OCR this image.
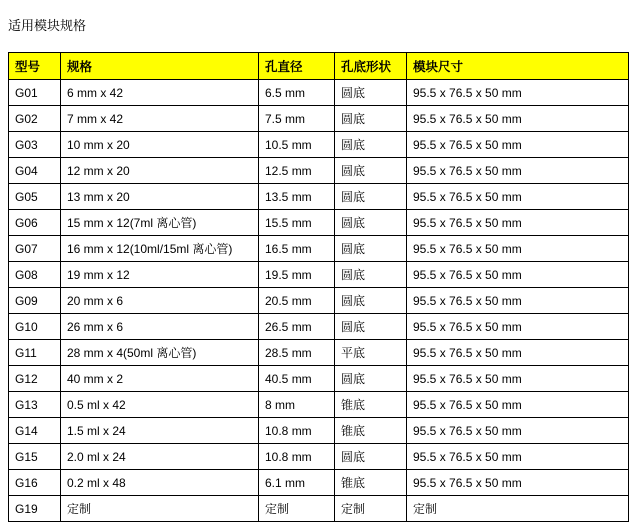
适用模块规格
型号	规格	孔直径	孔底形状	模块尺寸
G01	6 mm x 42	6.5 mm	圆底	95.5 x 76.5 x 50 mm
G02	7 mm x 42	7.5 mm	圆底	95.5 x 76.5 x 50 mm
G03	10 mm x 20	10.5 mm	圆底	95.5 x 76.5 x 50 mm
G04	12 mm x 20	12.5 mm	圆底	95.5 x 76.5 x 50 mm
G05	13 mm x 20	13.5 mm	圆底	95.5 x 76.5 x 50 mm
G06	15 mm x 12(7ml 离心管)	15.5 mm	圆底	95.5 x 76.5 x 50 mm
G07	16 mm x 12(10ml/15ml 离心管)	16.5 mm	圆底	95.5 x 76.5 x 50 mm
G08	19 mm x 12	19.5 mm	圆底	95.5 x 76.5 x 50 mm
G09	20 mm x 6	20.5 mm	圆底	95.5 x 76.5 x 50 mm
G10	26 mm x 6	26.5 mm	圆底	95.5 x 76.5 x 50 mm
G11	28 mm x 4(50ml 离心管)	28.5 mm	平底	95.5 x 76.5 x 50 mm
G12	40 mm x 2	40.5 mm	圆底	95.5 x 76.5 x 50 mm
G13	0.5 ml x 42	8 mm	锥底	95.5 x 76.5 x 50 mm
G14	1.5 ml x 24	10.8 mm	锥底	95.5 x 76.5 x 50 mm
G15	2.0 ml x 24	10.8 mm	圆底	95.5 x 76.5 x 50 mm
G16	0.2 ml x 48	6.1 mm	锥底	95.5 x 76.5 x 50 mm
G19	定制	定制	定制	定制
